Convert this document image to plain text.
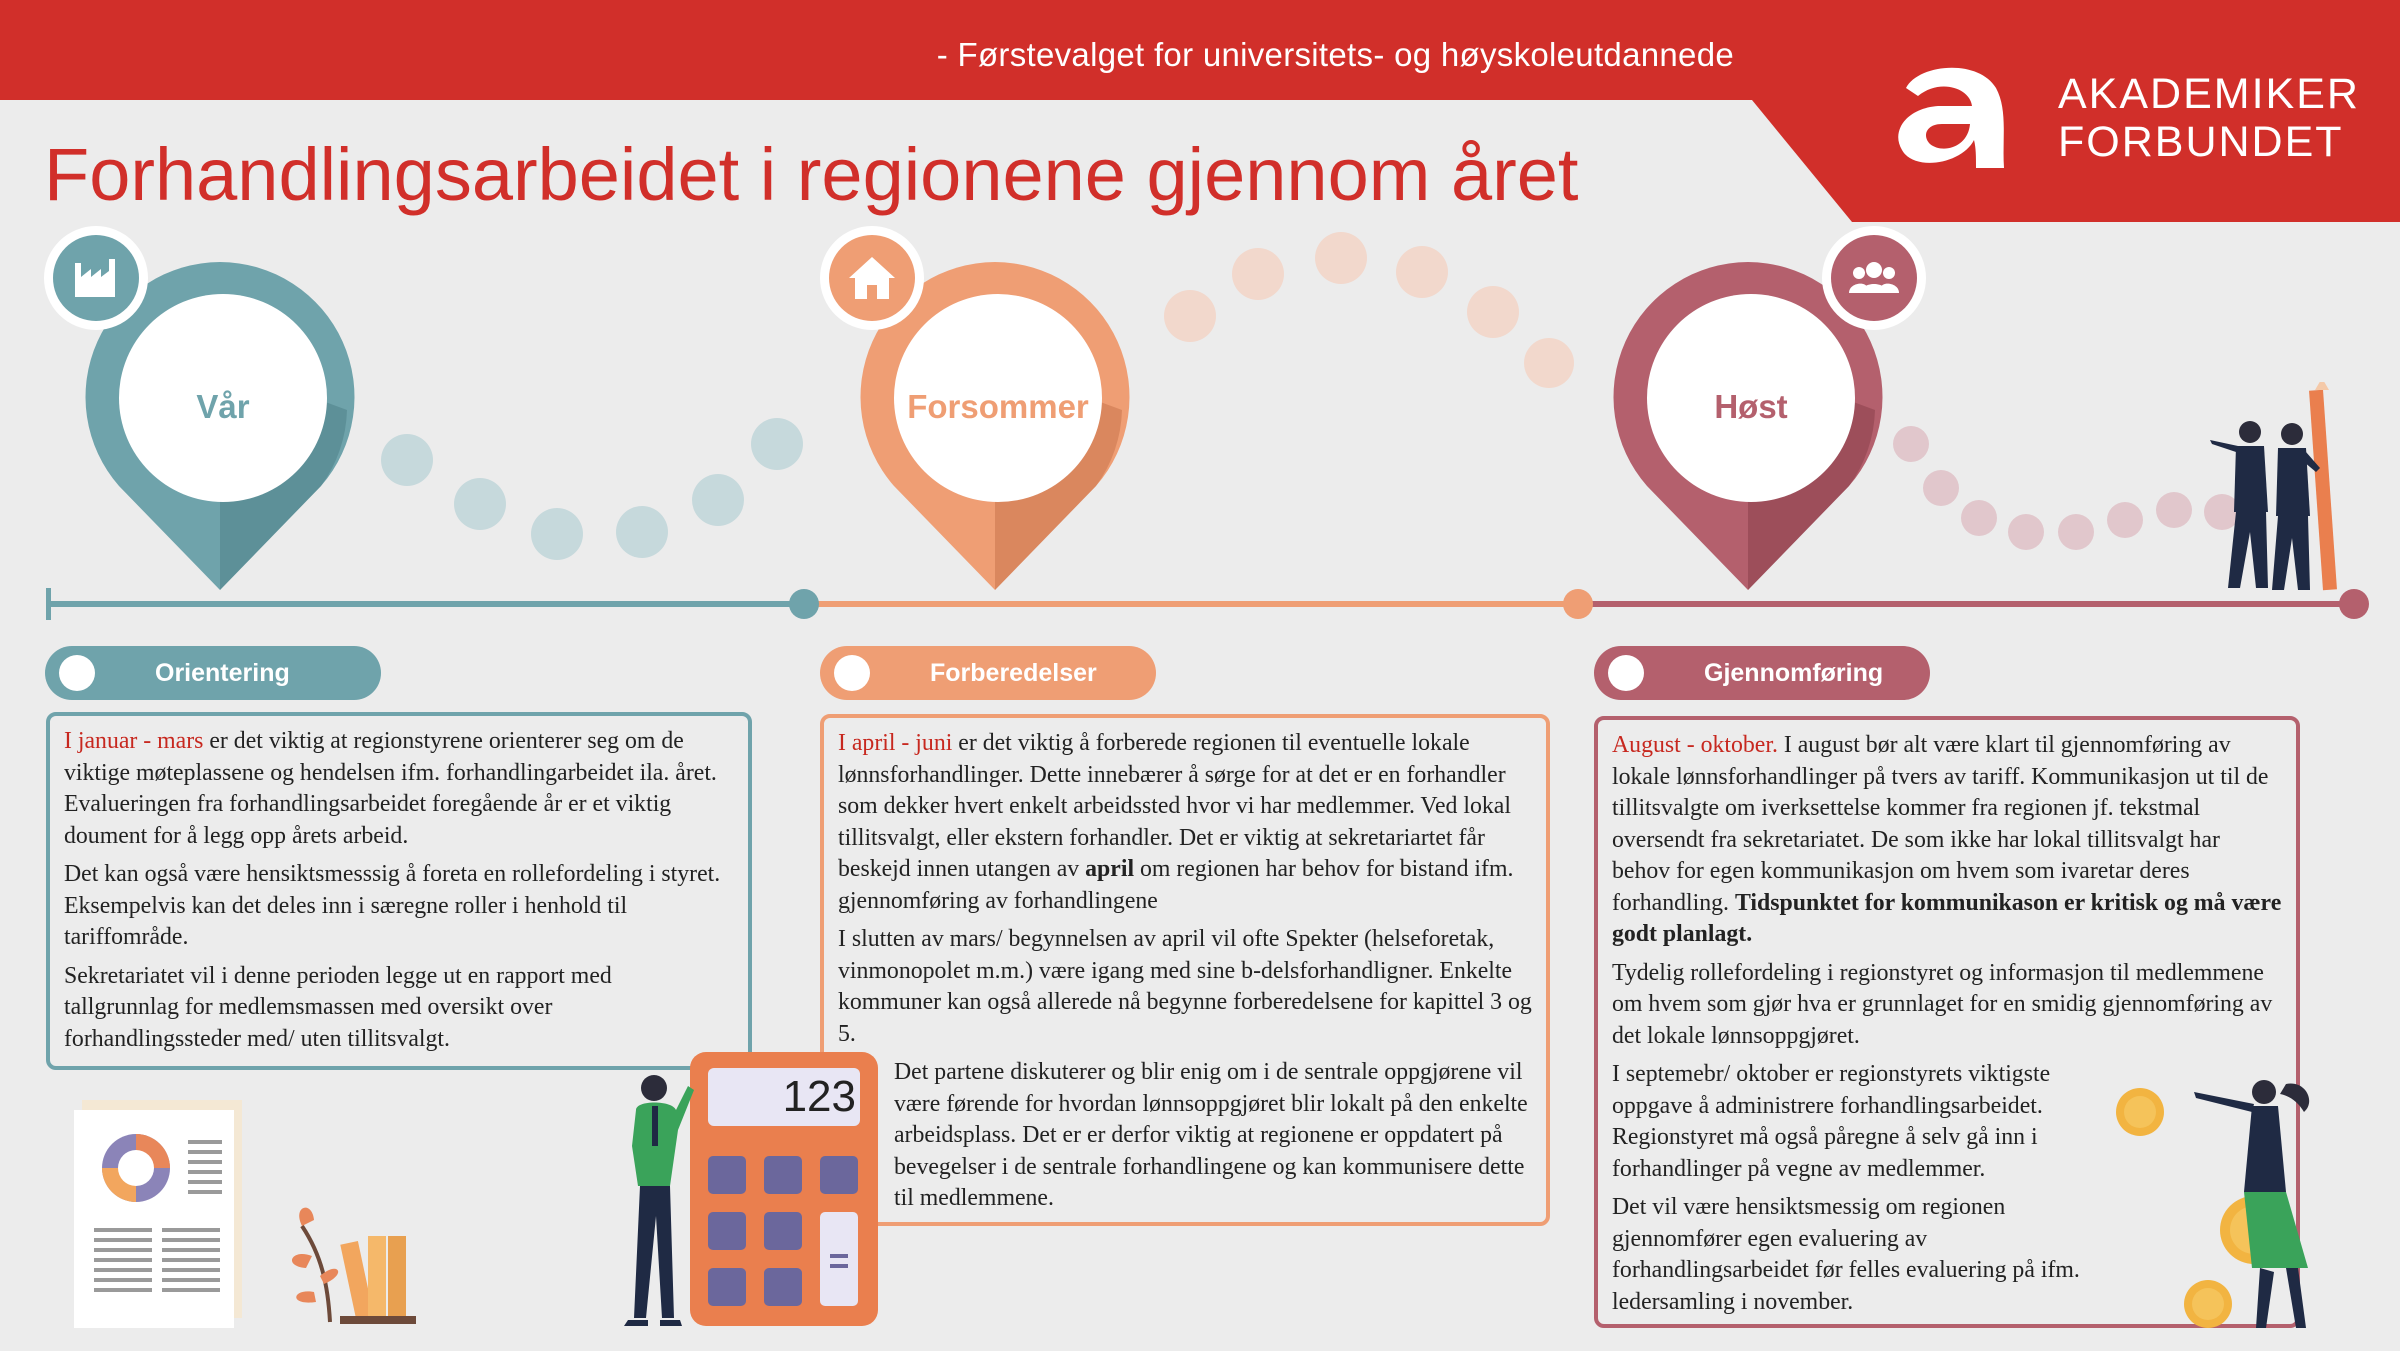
- Førstevalget for universitets- og høyskoleutdannede
AKADEMIKER
FORBUNDET
Forhandlingsarbeidet i regionene gjennom året
Vår	Forsommer	Høst
Orientering	Forberedelser	Gjennomføring

I januar - mars er det viktig at regionstyrene orienterer seg om de viktige møteplassene og hendelsen ifm. forhandlingarbeidet ila. året. Evalueringen fra forhandlingsarbeidet foregående år er et viktig doument for å legg opp årets arbeid.

Det kan også være hensiktsmesssig å foreta en rollefordeling i styret. Eksempelvis kan det deles inn i særegne roller i henhold til tariffområde.

Sekretariatet vil i denne perioden legge ut en rapport med tallgrunnlag for medlemsmassen med oversikt over forhandlingssteder med/ uten tillitsvalgt.

I april - juni er det viktig å forberede regionen til eventuelle lokale lønnsforhandlinger. Dette innebærer å sørge for at det er en forhandler som dekker hvert enkelt arbeidssted hvor vi har medlemmer. Ved lokal tillitsvalgt, eller ekstern forhandler. Det er viktig at sekretariartet får beskejd innen utangen av april om regionen har behov for bistand ifm. gjennomføring av forhandlingene

I slutten av mars/ begynnelsen av april vil ofte Spekter (helseforetak, vinmonopolet m.m.) være igang med sine b-delsforhandligner. Enkelte kommuner kan også allerede nå begynne forberedelsene for kapittel 3 og 5.

Det partene diskuterer og blir enig om i de sentrale oppgjørene vil være førende for hvordan lønnsoppgjøret blir lokalt på den enkelte arbeidsplass. Det er er derfor viktig at regionene er oppdatert på bevegelser i de sentrale forhandlingene og kan kommunisere dette til medlemmene.

August - oktober. I august bør alt være klart til gjennomføring av lokale lønnsforhandlinger på tvers av tariff. Kommunikasjon ut til de tillitsvalgte om iverksettelse kommer fra regionen jf. tekstmal oversendt fra sekretariatet. De som ikke har lokal tillitsvalgt har behov for egen kommunikasjon om hvem som ivaretar deres forhandling. Tidspunktet for kommunikason er kritisk og må være godt planlagt.

Tydelig rollefordeling i regionstyret og informasjon til medlemmene om hvem som gjør hva er grunnlaget for en smidig gjennomføring av det lokale lønnsoppgjøret.

I septemebr/ oktober er regionstyrets viktigste oppgave å administrere forhandlingsarbeidet. Regionstyret må også påregne å selv gå inn i forhandlinger på vegne av medlemmer.

Det vil være hensiktsmessig om regionen gjennomfører egen evaluering av forhandlingsarbeidet før felles evaluering på ifm. ledersamling i november.

123
